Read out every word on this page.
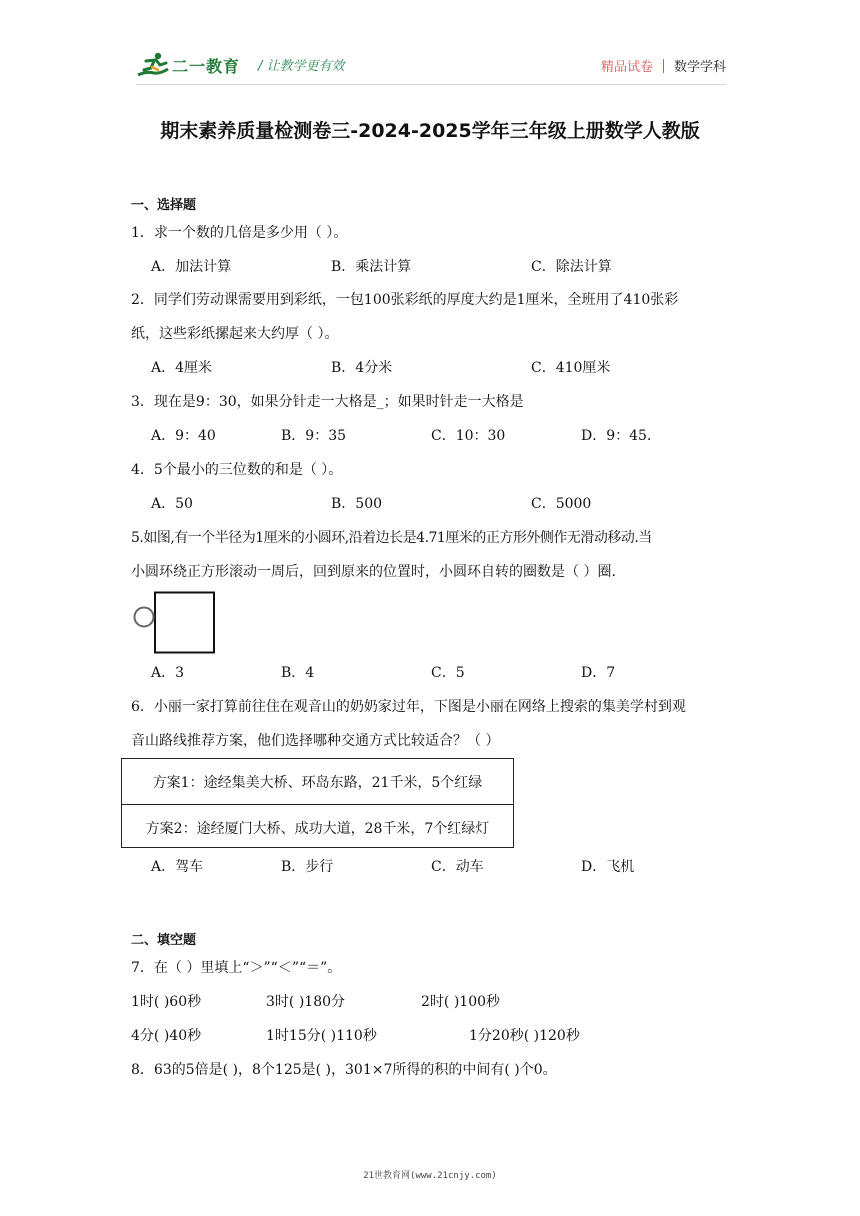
二一教育 / 让教学更有效	精品试卷 数学学科
期末素养质量检测卷三-2024-2025学年三年级上册数学人教版
一、选择题
1．求一个数的几倍是多少用（ ）。
A．加法计算	B．乘法计算	C．除法计算
2．同学们劳动课需要用到彩纸，一包100张彩纸的厚度大约是1厘米，全班用了410张彩
纸，这些彩纸摞起来大约厚（ ）。
A．4厘米	B．4分米	C．410厘米
3．现在是9：30，如果分针走一大格是_；如果时针走一大格是
A．9：40	B．9：35	C．10：30	D．9：45．
4．5个最小的三位数的和是（ ）。
A．50	B．500	C．5000
5.如图,有一个半径为1厘米的小圆环,沿着边长是4.71厘米的正方形外侧作无滑动移动.当
小圆环绕正方形滚动一周后，回到原来的位置时，小圆环自转的圈数是（ ）圈.
A．3	B．4	C．5	D．7
6．小丽一家打算前往住在观音山的奶奶家过年，下图是小丽在网络上搜索的集美学村到观
音山路线推荐方案，他们选择哪种交通方式比较适合？（ ）
方案1：途经集美大桥、环岛东路，21千米，5个红绿
方案2：途经厦门大桥、成功大道，28千米，7个红绿灯
A．驾车	B．步行	C．动车	D．飞机
二、填空题
7．在（ ）里填上“＞”“＜”“＝”。
1时( )60秒	3时( )180分	2时( )100秒
4分( )40秒	1时15分( )110秒	1分20秒( )120秒
8．63的5倍是( )，8个125是( )，301×7所得的积的中间有( )个0。
21世教育网(www.21cnjy.com)
